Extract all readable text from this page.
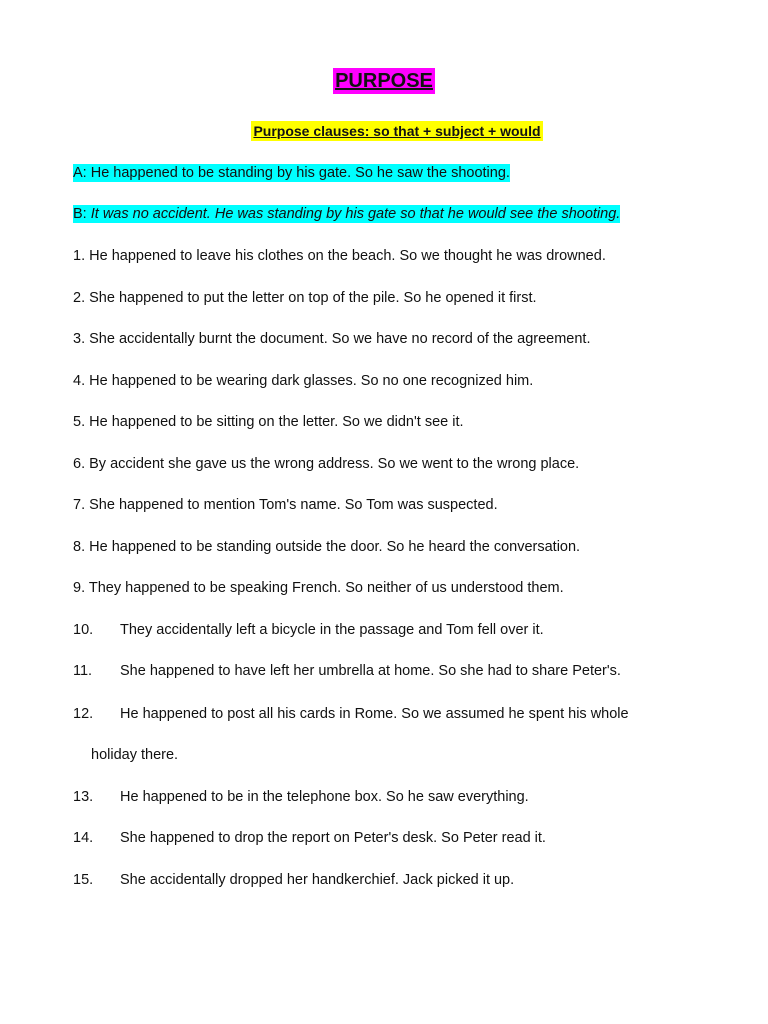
PURPOSE
Purpose clauses: so that + subject + would
A: He happened to be standing by his gate. So he saw the shooting.
B: It was no accident. He was standing by his gate so that he would see the shooting.
1. He happened to leave his clothes on the beach. So we thought he was drowned.
2. She happened to put the letter on top of the pile. So he opened it first.
3. She accidentally burnt the document. So we have no record of the agreement.
4. He happened to be wearing dark glasses. So no one recognized him.
5. He happened to be sitting on the letter. So we didn't see it.
6. By accident she gave us the wrong address. So we went to the wrong place.
7. She happened to mention Tom's name. So Tom was suspected.
8. He happened to be standing outside the door. So he heard the conversation.
9. They happened to be speaking French. So neither of us understood them.
10. They accidentally left a bicycle in the passage and Tom fell over it.
11. She happened to have left her umbrella at home. So she had to share Peter's.
12. He happened to post all his cards in Rome. So we assumed he spent his whole
holiday there.
13. He happened to be in the telephone box. So he saw everything.
14. She happened to drop the report on Peter's desk. So Peter read it.
15. She accidentally dropped her handkerchief. Jack picked it up.
